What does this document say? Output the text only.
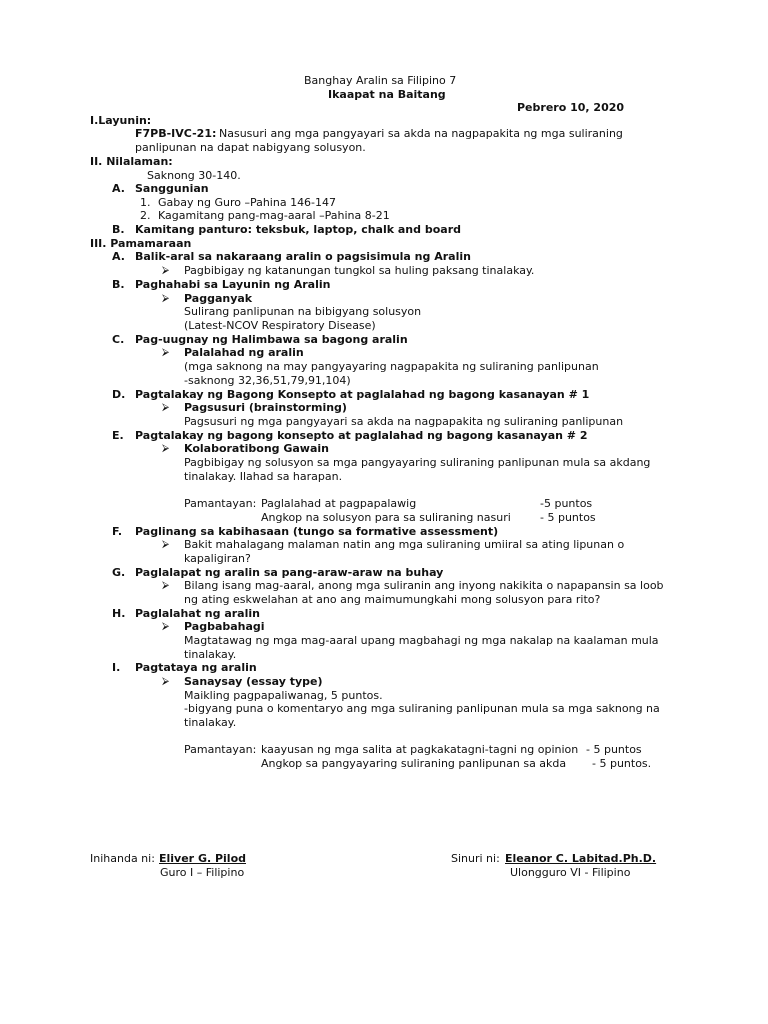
Banghay Aralin sa Filipino 7
Ikaapat na Baitang
Pebrero 10, 2020
I.Layunin:
F7PB-IVC-21: Nasusuri ang mga pangyayari sa akda na nagpapakita ng mga suliraning
panlipunan na dapat nabigyang solusyon.
II. Nilalaman:
Saknong 30-140.
A. Sanggunian
1. Gabay ng Guro –Pahina 146-147
2. Kagamitang pang-mag-aaral –Pahina 8-21
B. Kamitang panturo: teksbuk, laptop, chalk and board
III. Pamamaraan
A. Balik-aral sa nakaraang aralin o pagsisimula ng Aralin
⮚ Pagbibigay ng katanungan tungkol sa huling paksang tinalakay.
B. Paghahabi sa Layunin ng Aralin
⮚ Pagganyak
Sulirang panlipunan na bibigyang solusyon
(Latest-NCOV Respiratory Disease)
C. Pag-uugnay ng Halimbawa sa bagong aralin
⮚ Palalahad ng aralin
(mga saknong na may pangyayaring nagpapakita ng suliraning panlipunan
-saknong 32,36,51,79,91,104)
D. Pagtalakay ng Bagong Konsepto at paglalahad ng bagong kasanayan # 1
⮚ Pagsusuri (brainstorming)
Pagsusuri ng mga pangyayari sa akda na nagpapakita ng suliraning panlipunan
E. Pagtalakay ng bagong konsepto at paglalahad ng bagong kasanayan # 2
⮚ Kolaboratibong Gawain
Pagbibigay ng solusyon sa mga pangyayaring suliraning panlipunan mula sa akdang
tinalakay. Ilahad sa harapan.
Pamantayan: Paglalahad at pagpapalawig	-5 puntos
Angkop na solusyon para sa suliraning nasuri	- 5 puntos
F. Paglinang sa kabihasaan (tungo sa formative assessment)
⮚ Bakit mahalagang malaman natin ang mga suliraning umiiral sa ating lipunan o
kapaligiran?
G. Paglalapat ng aralin sa pang-araw-araw na buhay
⮚ Bilang isang mag-aaral, anong mga suliranin ang inyong nakikita o napapansin sa loob
ng ating eskwelahan at ano ang maimumungkahi mong solusyon para rito?
H. Paglalahat ng aralin
⮚ Pagbabahagi
Magtatawag ng mga mag-aaral upang magbahagi ng mga nakalap na kaalaman mula
tinalakay.
I. Pagtataya ng aralin
⮚ Sanaysay (essay type)
Maikling pagpapaliwanag, 5 puntos.
-bigyang puna o komentaryo ang mga suliraning panlipunan mula sa mga saknong na
tinalakay.
Pamantayan: kaayusan ng mga salita at pagkakatagni-tagni ng opinion - 5 puntos
Angkop sa pangyayaring suliraning panlipunan sa akda - 5 puntos.
Inihanda ni: Eliver G. Pilod
Guro I – Filipino
Sinuri ni: Eleanor C. Labitad.Ph.D.
Ulongguro VI - Filipino
